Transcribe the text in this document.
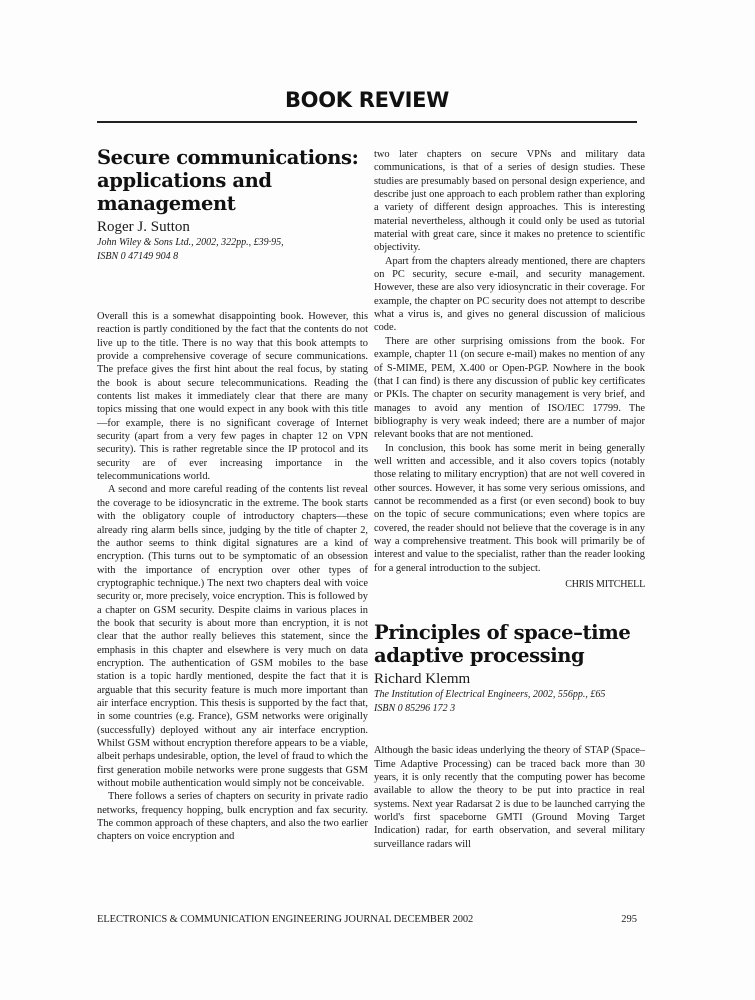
BOOK REVIEW
Secure communications: applications and management
Roger J. Sutton
John Wiley & Sons Ltd., 2002, 322pp., £39·95,
ISBN 0 47149 904 8

Overall this is a somewhat disappointing book. However, this reaction is partly conditioned by the fact that the contents do not live up to the title. There is no way that this book attempts to provide a comprehensive coverage of secure communications. The preface gives the first hint about the real focus, by stating the book is about secure telecommunications. Reading the contents list makes it immediately clear that there are many topics missing that one would expect in any book with this title—for example, there is no significant coverage of Internet security (apart from a very few pages in chapter 12 on VPN security). This is rather regretable since the IP protocol and its security are of ever increasing importance in the telecommunications world.

A second and more careful reading of the contents list reveal the coverage to be idiosyncratic in the extreme. The book starts with the obligatory couple of introductory chapters—these already ring alarm bells since, judging by the title of chapter 2, the author seems to think digital signatures are a kind of encryption. (This turns out to be symptomatic of an obsession with the importance of encryption over other types of cryptographic technique.) The next two chapters deal with voice security or, more precisely, voice encryption. This is followed by a chapter on GSM security. Despite claims in various places in the book that security is about more than encryption, it is not clear that the author really believes this statement, since the emphasis in this chapter and elsewhere is very much on data encryption. The authentication of GSM mobiles to the base station is a topic hardly mentioned, despite the fact that it is arguable that this security feature is much more important than air interface encryption. This thesis is supported by the fact that, in some countries (e.g. France), GSM networks were originally (successfully) deployed without any air interface encryption. Whilst GSM without encryption therefore appears to be a viable, albeit perhaps undesirable, option, the level of fraud to which the first generation mobile networks were prone suggests that GSM without mobile authentication would simply not be conceivable.

There follows a series of chapters on security in private radio networks, frequency hopping, bulk encryption and fax security. The common approach of these chapters, and also the two earlier chapters on voice encryption and

two later chapters on secure VPNs and military data communications, is that of a series of design studies. These studies are presumably based on personal design experience, and describe just one approach to each problem rather than exploring a variety of different design approaches. This is interesting material nevertheless, although it could only be used as tutorial material with great care, since it makes no pretence to scientific objectivity.

Apart from the chapters already mentioned, there are chapters on PC security, secure e-mail, and security management. However, these are also very idiosyncratic in their coverage. For example, the chapter on PC security does not attempt to describe what a virus is, and gives no general discussion of malicious code.

There are other surprising omissions from the book. For example, chapter 11 (on secure e-mail) makes no mention of any of S-MIME, PEM, X.400 or Open-PGP. Nowhere in the book (that I can find) is there any discussion of public key certificates or PKIs. The chapter on security management is very brief, and manages to avoid any mention of ISO/IEC 17799. The bibliography is very weak indeed; there are a number of major relevant books that are not mentioned.

In conclusion, this book has some merit in being generally well written and accessible, and it also covers topics (notably those relating to military encryption) that are not well covered in other sources. However, it has some very serious omissions, and cannot be recommended as a first (or even second) book to buy on the topic of secure communications; even where topics are covered, the reader should not believe that the coverage is in any way a comprehensive treatment. This book will primarily be of interest and value to the specialist, rather than the reader looking for a general introduction to the subject.

CHRIS MITCHELL
Principles of space–time adaptive processing
Richard Klemm
The Institution of Electrical Engineers, 2002, 556pp., £65
ISBN 0 85296 172 3

Although the basic ideas underlying the theory of STAP (Space–Time Adaptive Processing) can be traced back more than 30 years, it is only recently that the computing power has become available to allow the theory to be put into practice in real systems. Next year Radarsat 2 is due to be launched carrying the world's first spaceborne GMTI (Ground Moving Target Indication) radar, for earth observation, and several military surveillance radars will

ELECTRONICS & COMMUNICATION ENGINEERING JOURNAL DECEMBER 2002	295
